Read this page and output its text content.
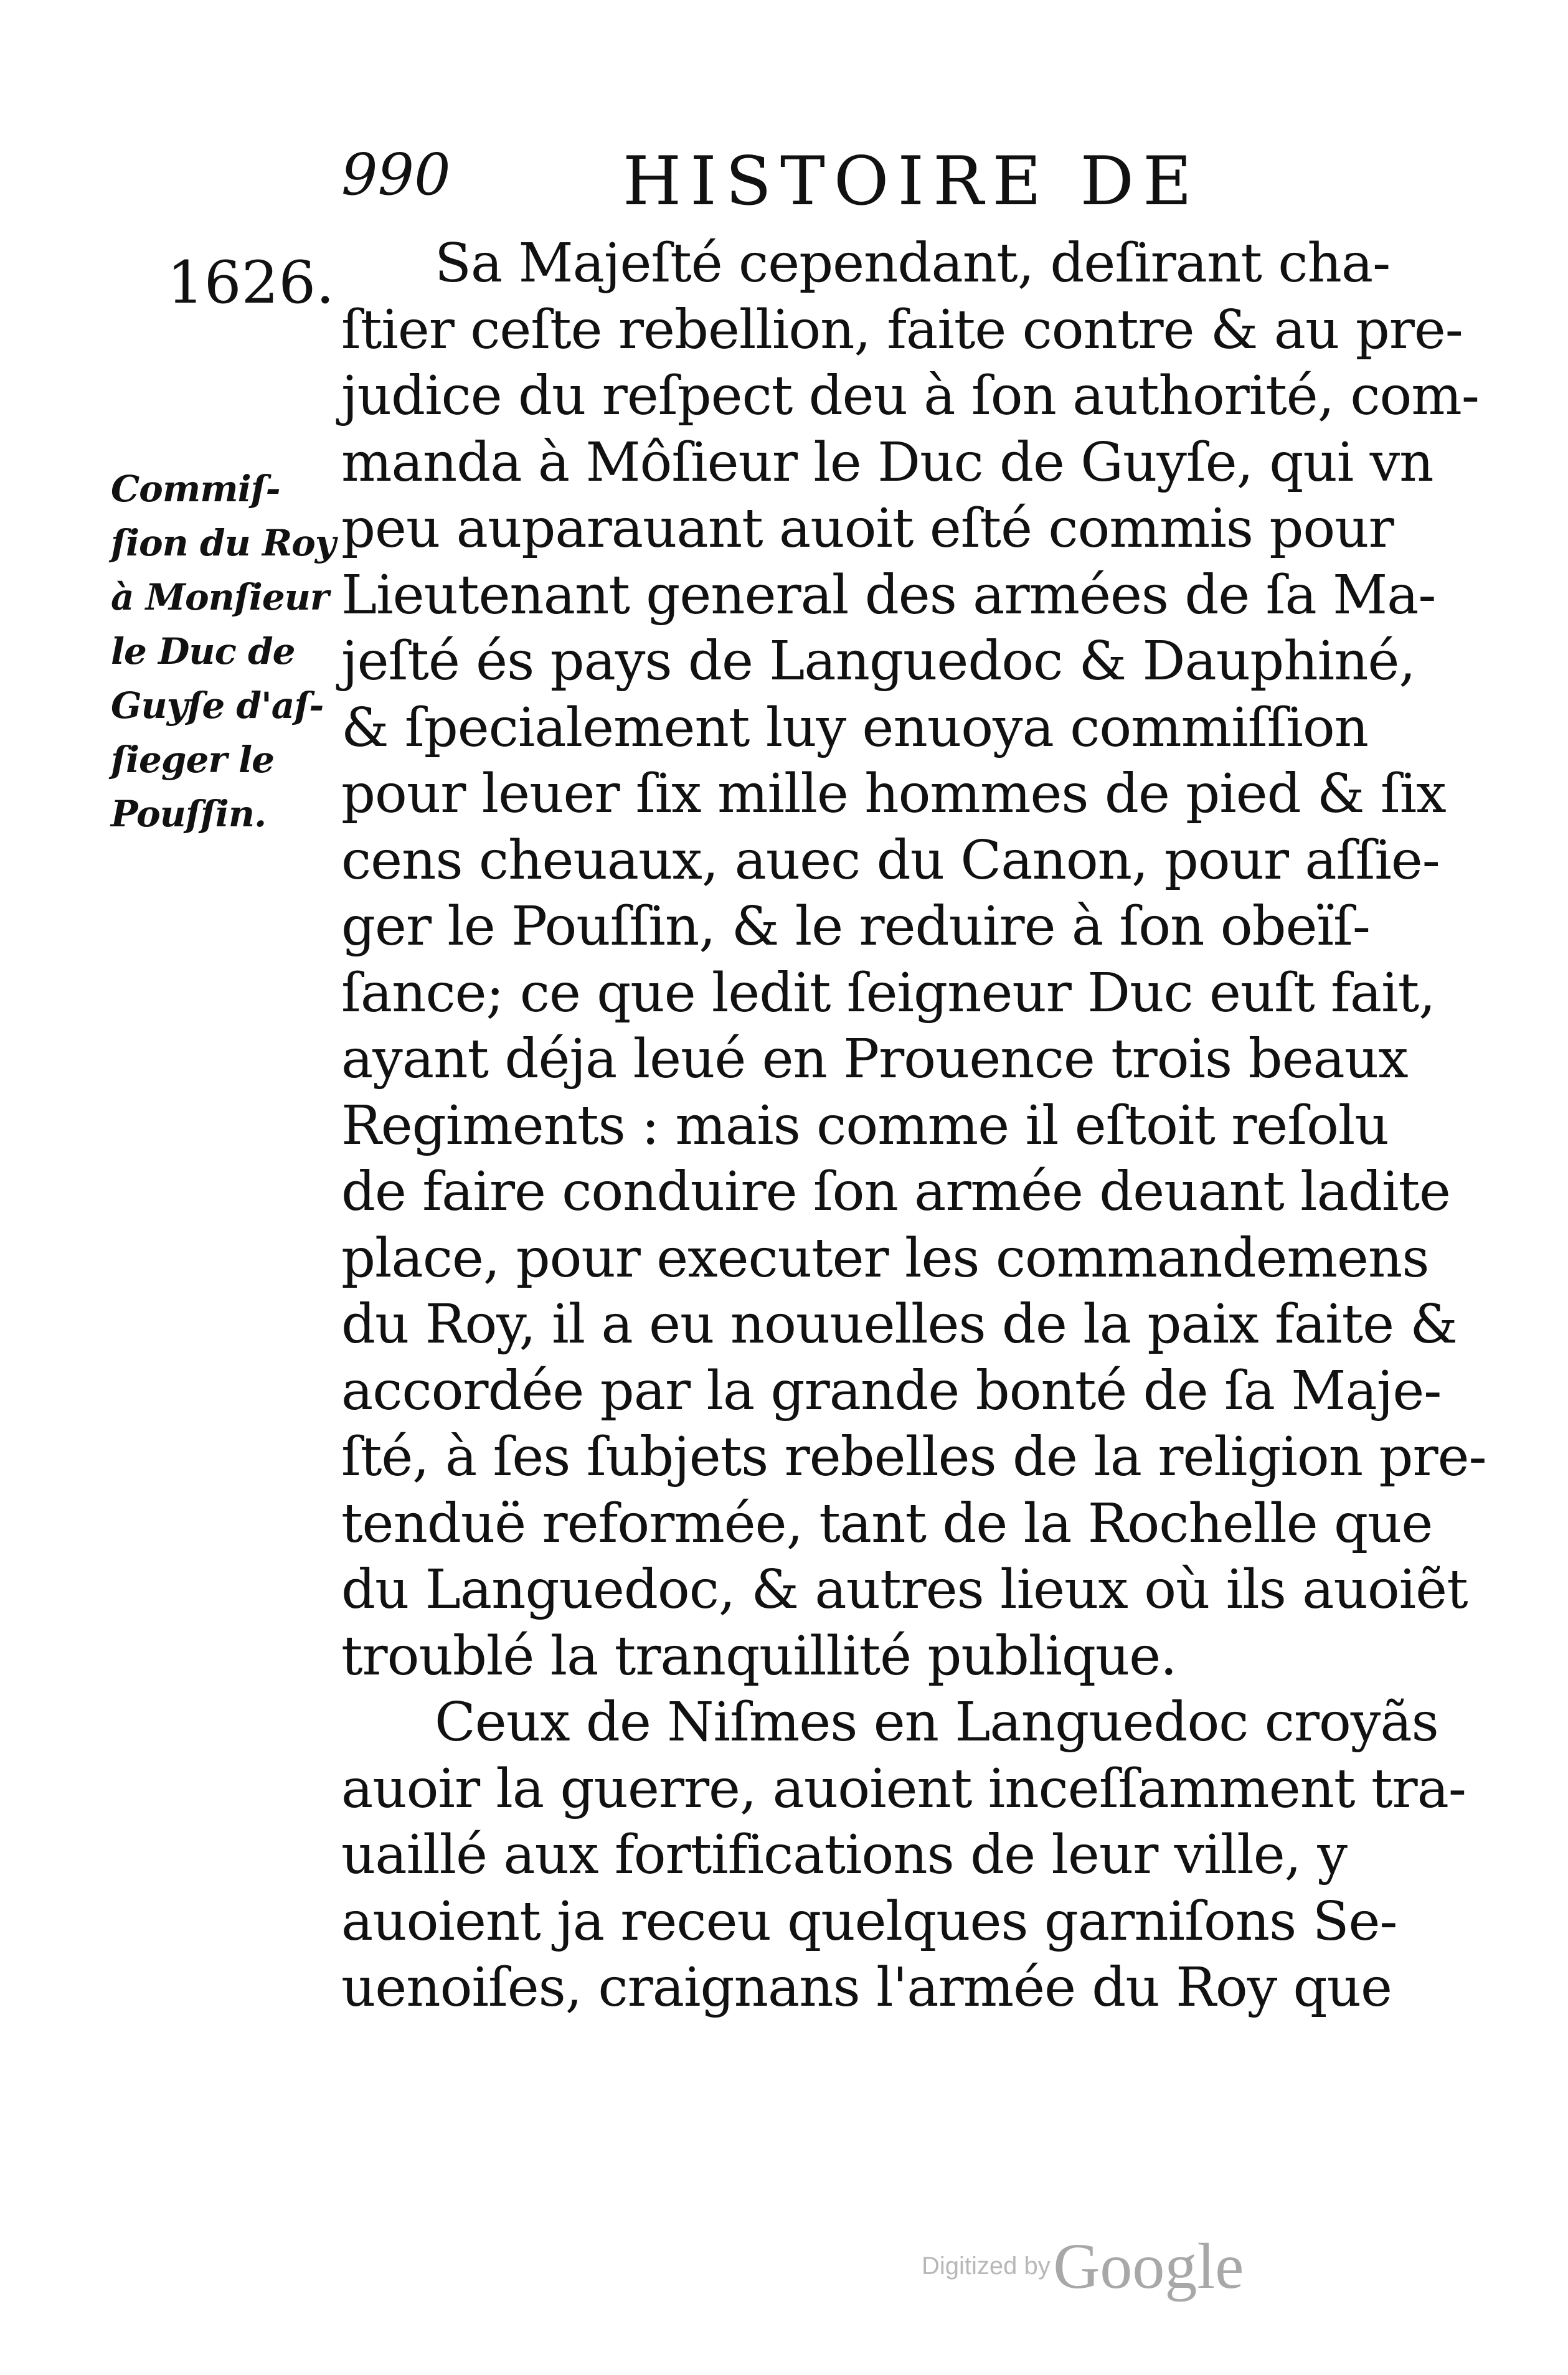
990	HISTOIRE DE
1626.
Commiſ-
ſion du Roy
à Monſieur
le Duc de
Guyſe d'aſ-
ſieger le
Pouſſin.
Sa Majeſté cependant, deſirant cha-
ſtier ceſte rebellion, faite contre & au pre-
judice du reſpect deu à ſon authorité, com-
manda à Môſieur le Duc de Guyſe, qui vn
peu auparauant auoit eſté commis pour
Lieutenant general des armées de ſa Ma-
jeſté és pays de Languedoc & Dauphiné,
& ſpecialement luy enuoya commiſſion
pour leuer ſix mille hommes de pied & ſix
cens cheuaux, auec du Canon, pour aſſie-
ger le Pouſſin, & le reduire à ſon obeïſ-
ſance; ce que ledit ſeigneur Duc euſt fait,
ayant déja leué en Prouence trois beaux
Regiments : mais comme il eſtoit reſolu
de faire conduire ſon armée deuant ladite
place, pour executer les commandemens
du Roy, il a eu nouuelles de la paix faite &
accordée par la grande bonté de ſa Maje-
ſté, à ſes ſubjets rebelles de la religion pre-
tenduë reformée, tant de la Rochelle que
du Languedoc, & autres lieux où ils auoiẽt
troublé la tranquillité publique.
Ceux de Niſmes en Languedoc croyãs
auoir la guerre, auoient inceſſamment tra-
uaillé aux fortifications de leur ville, y
auoient ja receu quelques garniſons Se-
uenoiſes, craignans l'armée du Roy que
Digitized by Google
